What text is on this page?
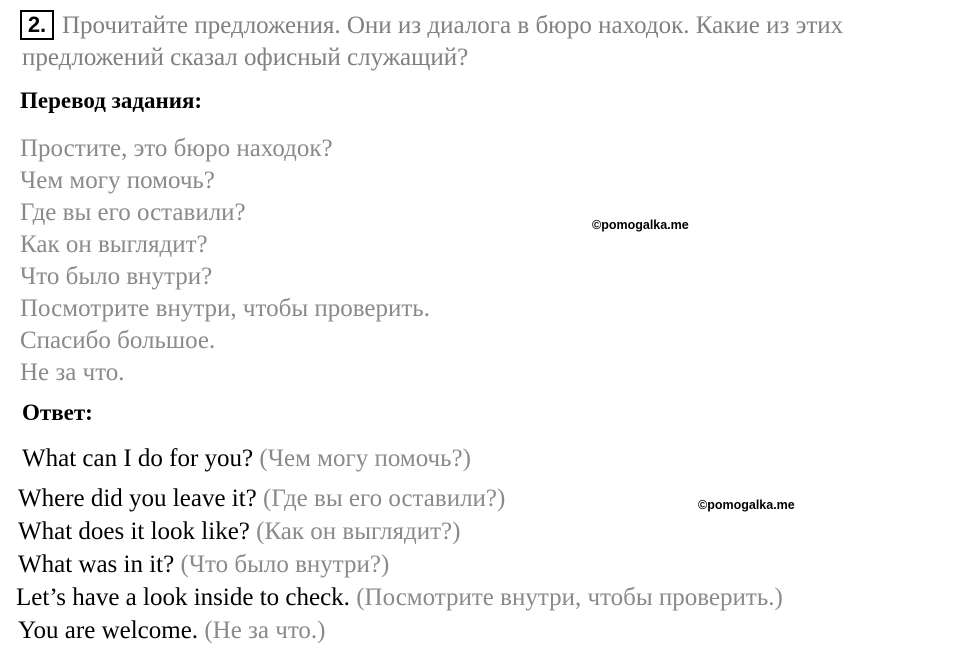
Прочитайте предложения. Они из диалога в бюро находок. Какие из этих предложений сказал офисный служащий?
2.
Перевод задания:
Простите, это бюро находок?
Чем могу помочь?
Где вы его оставили?
Как он выглядит?
Что было внутри?
Посмотрите внутри, чтобы проверить.
Спасибо большое.
Не за что.
©pomogalka.me
©pomogalka.me
Ответ:
What can I do for you? (Чем могу помочь?)
Where did you leave it? (Где вы его оставили?)
What does it look like? (Как он выглядит?)
What was in it? (Что было внутри?)
Let’s have a look inside to check. (Посмотрите внутри, чтобы проверить.)
You are welcome. (Не за что.)
